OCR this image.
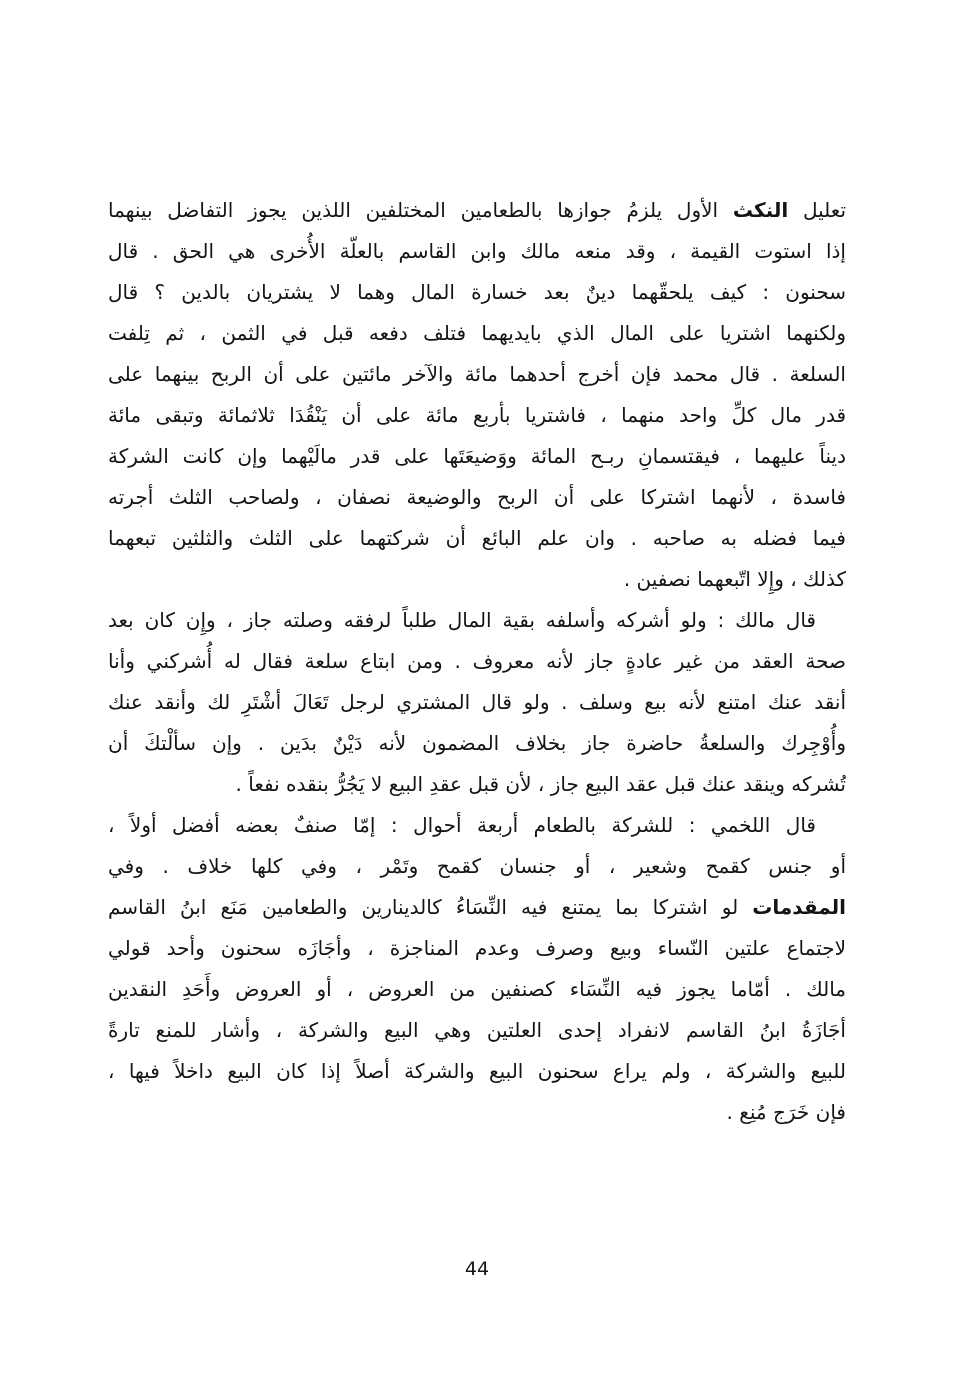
تعليل النكث الأول يلزمُ جوازها بالطعامين المختلفين اللذين يجوز التفاضل بينهما
إذا استوت القيمة ، وقد منعه مالك وابن القاسم بالعلّة الأُخرى هي الحق . قال
سحنون : كيف يلحقّهما دينٌ بعد خسارة المال وهما لا يشتريان بالدين ؟ قال
ولكنهما اشتريا على المال الذي بايديهما فتلف دفعه قبل في الثمن ، ثم تِلفت
السلعة . قال محمد فإن أخرج أحدهما مائة والآخر مائتين على أن الربح بينهما على
قدر مال كلِّ واحد منهما ، فاشتريا بأربع مائة على أن يَنْقُدَا ثلاثمائة وتبقى مائة
ديناً عليهما ، فيقتسمانِ ربـح المائة ووَضيعَتَها على قدر مالَيْهما وإن كانت الشركة
فاسدة ، لأنهما اشتركا على أن الربح والوضيعة نصفان ، ولصاحب الثلث أجرته
فيما فضله به صاحبه . وان علم البائع أن شركتهما على الثلث والثلثين تبعهما
كذلك ، وإِلا اتّبعهما نصفين .
قال مالك : ولو أشركه وأسلفه بقية المال طلباً لرفقه وصلته جاز ، وإِن كان بعد
صحة العقد من غير عادةٍ جاز لأنه معروف . ومن ابتاع سلعة فقال له أُشركني وأنا
أنقد عنك امتنع لأنه بيع وسلف . ولو قال المشتري لرجل تَعَالَ أشْتَرِ لك وأنقد عنك
وأُوْجِرك والسلعةُ حاضرة جاز بخلاف المضمون لأنه دَيْنٌ بدَين . وإن سألْتكَ أن
تُشركه وينقد عنك قبل عقد البيع جاز ، لأن قبل عقدِ البيع لا يَجُرُّ بنقده نفعاً .
قال اللخمي : للشركة بالطعام أربعة أحوال : إمّا صنفٌ بعضه أفضل أولاً ،
أو جنس كقمح وشعير ، أو جنسان كقمح وتَمْر ، وفي كلها خلاف . وفي
المقدمات لو اشتركا بما يمتنع فيه النِّسَاءُ كالدينارين والطعامين مَنَع ابنُ القاسم
لاجتماع علتين النّساء وبيع وصرف وعدم المناجزة ، وأجَازَه سحنون وأحد قولي
مالك . أمّاما يجوز فيه النِّسَاء كصنفين من العروض ، أو العروض وأَحَدِ النقدين
أجَازَةُ ابنُ القاسم لانفراد إحدى العلتين وهي البيع والشركة ، وأشار للمنع تارةً
للبيع والشركة ، ولم يراع سحنون البيع والشركة أصلاً إذا كان البيع داخلاً فيها ،
فإن خَرَج مُنِع .
44
